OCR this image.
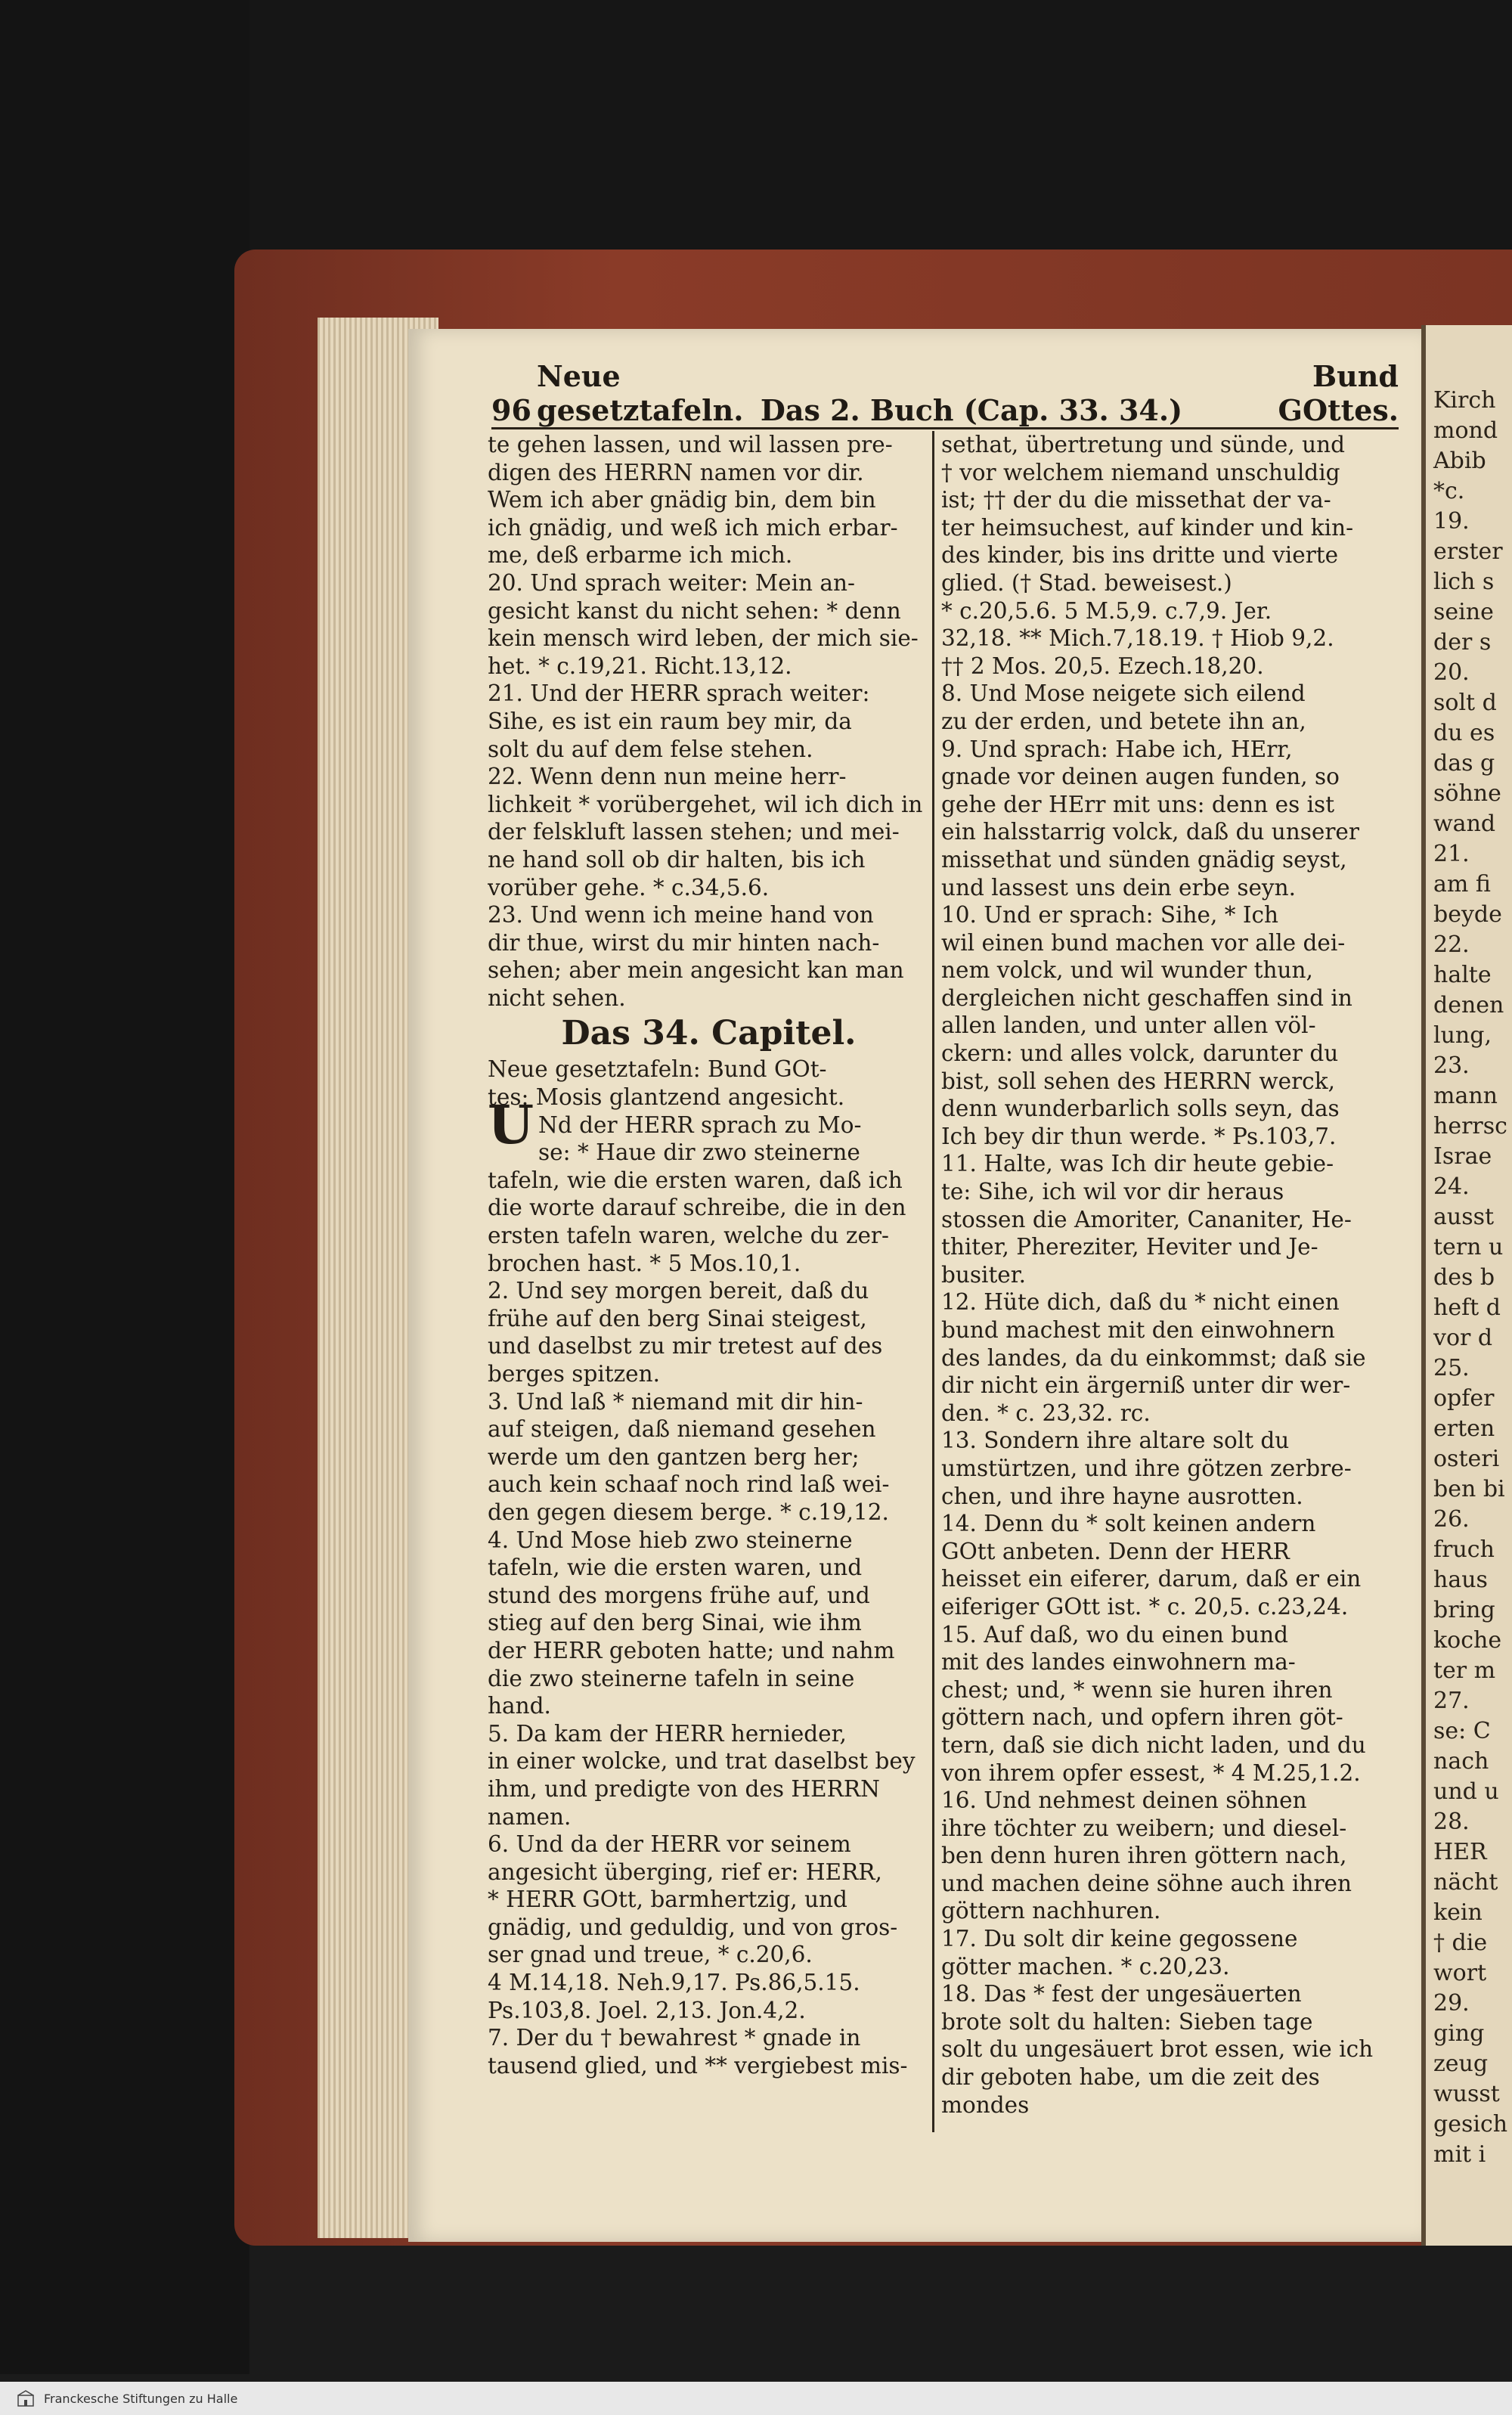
96
Neue gesetztafeln. Das 2. Buch (Cap. 33. 34.)
Bund GOttes.
te gehen lassen, und wil lassen pre-
digen des HERRN namen vor dir.
Wem ich aber gnädig bin, dem bin
ich gnädig, und weß ich mich erbar-
me, deß erbarme ich mich.
20. Und sprach weiter: Mein an-
gesicht kanst du nicht sehen: * denn
kein mensch wird leben, der mich sie-
het. * c.19,21. Richt.13,12.
21. Und der HERR sprach weiter:
Sihe, es ist ein raum bey mir, da
solt du auf dem felse stehen.
22. Wenn denn nun meine herr-
lichkeit * vorübergehet, wil ich dich in
der felskluft lassen stehen; und mei-
ne hand soll ob dir halten, bis ich
vorüber gehe. * c.34,5.6.
23. Und wenn ich meine hand von
dir thue, wirst du mir hinten nach-
sehen; aber mein angesicht kan man
nicht sehen.
Das 34. Capitel.
Neue gesetztafeln: Bund GOt-
tes: Mosis glantzend angesicht.
U Nd der HERR sprach zu Mo-
se: * Haue dir zwo steinerne
tafeln, wie die ersten waren, daß ich
die worte darauf schreibe, die in den
ersten tafeln waren, welche du zer-
brochen hast. * 5 Mos.10,1.
2. Und sey morgen bereit, daß du
frühe auf den berg Sinai steigest,
und daselbst zu mir tretest auf des
berges spitzen.
3. Und laß * niemand mit dir hin-
auf steigen, daß niemand gesehen
werde um den gantzen berg her;
auch kein schaaf noch rind laß wei-
den gegen diesem berge. * c.19,12.
4. Und Mose hieb zwo steinerne
tafeln, wie die ersten waren, und
stund des morgens frühe auf, und
stieg auf den berg Sinai, wie ihm
der HERR geboten hatte; und nahm
die zwo steinerne tafeln in seine
hand.
5. Da kam der HERR hernieder,
in einer wolcke, und trat daselbst bey
ihm, und predigte von des HERRN
namen.
6. Und da der HERR vor seinem
angesicht überging, rief er: HERR,
* HERR GOtt, barmhertzig, und
gnädig, und geduldig, und von gros-
ser gnad und treue, * c.20,6.
4 M.14,18. Neh.9,17. Ps.86,5.15.
Ps.103,8. Joel. 2,13. Jon.4,2.
7. Der du † bewahrest * gnade in
tausend glied, und ** vergiebest mis-
sethat, übertretung und sünde, und
† vor welchem niemand unschuldig
ist; †† der du die missethat der va-
ter heimsuchest, auf kinder und kin-
des kinder, bis ins dritte und vierte
glied. († Stad. beweisest.)
* c.20,5.6. 5 M.5,9. c.7,9. Jer.
32,18. ** Mich.7,18.19. † Hiob 9,2.
†† 2 Mos. 20,5. Ezech.18,20.
8. Und Mose neigete sich eilend
zu der erden, und betete ihn an,
9. Und sprach: Habe ich, HErr,
gnade vor deinen augen funden, so
gehe der HErr mit uns: denn es ist
ein halsstarrig volck, daß du unserer
missethat und sünden gnädig seyst,
und lassest uns dein erbe seyn.
10. Und er sprach: Sihe, * Ich
wil einen bund machen vor alle dei-
nem volck, und wil wunder thun,
dergleichen nicht geschaffen sind in
allen landen, und unter allen völ-
ckern: und alles volck, darunter du
bist, soll sehen des HERRN werck,
denn wunderbarlich solls seyn, das
Ich bey dir thun werde. * Ps.103,7.
11. Halte, was Ich dir heute gebie-
te: Sihe, ich wil vor dir heraus
stossen die Amoriter, Cananiter, He-
thiter, Phereziter, Heviter und Je-
busiter.
12. Hüte dich, daß du * nicht einen
bund machest mit den einwohnern
des landes, da du einkommst; daß sie
dir nicht ein ärgerniß unter dir wer-
den. * c. 23,32. rc.
13. Sondern ihre altare solt du
umstürtzen, und ihre götzen zerbre-
chen, und ihre hayne ausrotten.
14. Denn du * solt keinen andern
GOtt anbeten. Denn der HERR
heisset ein eiferer, darum, daß er ein
eiferiger GOtt ist. * c. 20,5. c.23,24.
15. Auf daß, wo du einen bund
mit des landes einwohnern ma-
chest; und, * wenn sie huren ihren
göttern nach, und opfern ihren göt-
tern, daß sie dich nicht laden, und du
von ihrem opfer essest, * 4 M.25,1.2.
16. Und nehmest deinen söhnen
ihre töchter zu weibern; und diesel-
ben denn huren ihren göttern nach,
und machen deine söhne auch ihren
göttern nachhuren.
17. Du solt dir keine gegossene
götter machen. * c.20,23.
18. Das * fest der ungesäuerten
brote solt du halten: Sieben tage
solt du ungesäuert brot essen, wie ich
dir geboten habe, um die zeit des
mondes
Kirch
mond
Abib
*c.
19.
erster
lich s
seine
der s
20.
solt d
du es
das g
söhne
wand
21.
am fi
beyde
22.
halte
denen
lung,
23.
mann
herrsc
Israe
24.
ausst
tern u
des b
heft d
vor d
25.
opfer
erten
osteri
ben bi
26.
fruch
haus
bring
koche
ter m
27.
se: C
nach
und u
28.
HER
nächt
kein
† die
wort
29.
ging
zeug
wusst
gesich
mit i
Franckesche Stiftungen zu Halle
